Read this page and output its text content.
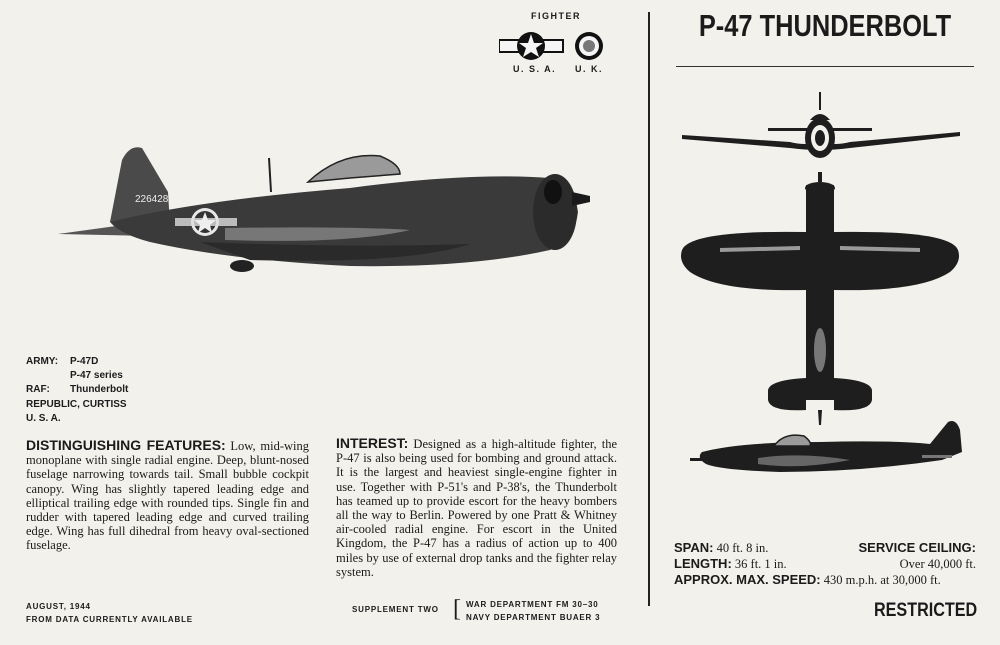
226428
FIGHTER
U. S. A. U. K.
P-47 THUNDERBOLT
ARMY:	P-47D
P-47 series
RAF:	Thunderbolt
REPUBLIC, CURTISS
U. S. A.
DISTINGUISHING FEATURES: Low, mid-wing monoplane with single radial engine. Deep, blunt-nosed fuselage narrowing towards tail. Small bubble cockpit canopy. Wing has slightly tapered leading edge and elliptical trailing edge with rounded tips. Single fin and rudder with tapered leading edge and curved trailing edge. Wing has full dihedral from heavy oval-sectioned fuselage.
INTEREST: Designed as a high-altitude fighter, the P-47 is also being used for bombing and ground attack. It is the largest and heaviest single-engine fighter in use. Together with P-51's and P-38's, the Thunderbolt has teamed up to provide escort for the heavy bombers all the way to Berlin. Powered by one Pratt & Whitney air-cooled radial engine. For escort in the United Kingdom, the P-47 has a radius of action up to 400 miles by use of external drop tanks and the fighter relay system.
AUGUST, 1944
FROM DATA CURRENTLY AVAILABLE
SUPPLEMENT TWO [ WAR DEPARTMENT FM 30–30
NAVY DEPARTMENT BUAER 3
SPAN: 40 ft. 8 in.	SERVICE CEILING:
LENGTH: 36 ft. 1 in.	Over 40,000 ft.
APPROX. MAX. SPEED: 430 m.p.h. at 30,000 ft.
RESTRICTED
